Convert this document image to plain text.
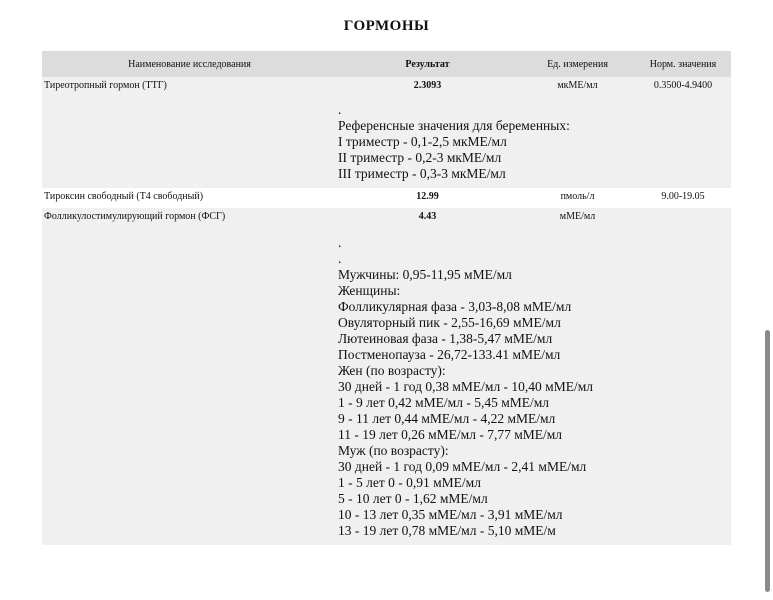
ГОРМОНЫ
Наименование исследования	Результат	Ед. измерения	Норм. значения
Тиреотропный гормон (ТТГ)	2.3093	мкМЕ/мл	0.3500-4.9400
.
Референсные значения для беременных:
I триместр - 0,1-2,5 мкМЕ/мл
II триместр - 0,2-3 мкМЕ/мл
III триместр - 0,3-3 мкМЕ/мл
Тироксин свободный (Т4 свободный)	12.99	пмоль/л	9.00-19.05
Фолликулостимулирующий гормон (ФСГ)	4.43	мМЕ/мл
.
.
Мужчины: 0,95-11,95 мМЕ/мл
Женщины:
Фолликулярная фаза - 3,03-8,08 мМЕ/мл
Овуляторный пик - 2,55-16,69 мМЕ/мл
Лютеиновая фаза - 1,38-5,47 мМЕ/мл
Постменопауза - 26,72-133.41 мМЕ/мл
Жен (по возрасту):
30 дней - 1 год 0,38 мМЕ/мл - 10,40 мМЕ/мл
1 - 9 лет 0,42 мМЕ/мл - 5,45 мМЕ/мл
9 - 11 лет 0,44 мМЕ/мл - 4,22 мМЕ/мл
11 - 19 лет 0,26 мМЕ/мл - 7,77 мМЕ/мл
Муж (по возрасту):
30 дней - 1 год 0,09 мМЕ/мл - 2,41 мМЕ/мл
1 - 5 лет 0 - 0,91 мМЕ/мл
5 - 10 лет 0 - 1,62 мМЕ/мл
10 - 13 лет 0,35 мМЕ/мл - 3,91 мМЕ/мл
13 - 19 лет 0,78 мМЕ/мл - 5,10 мМЕ/м
